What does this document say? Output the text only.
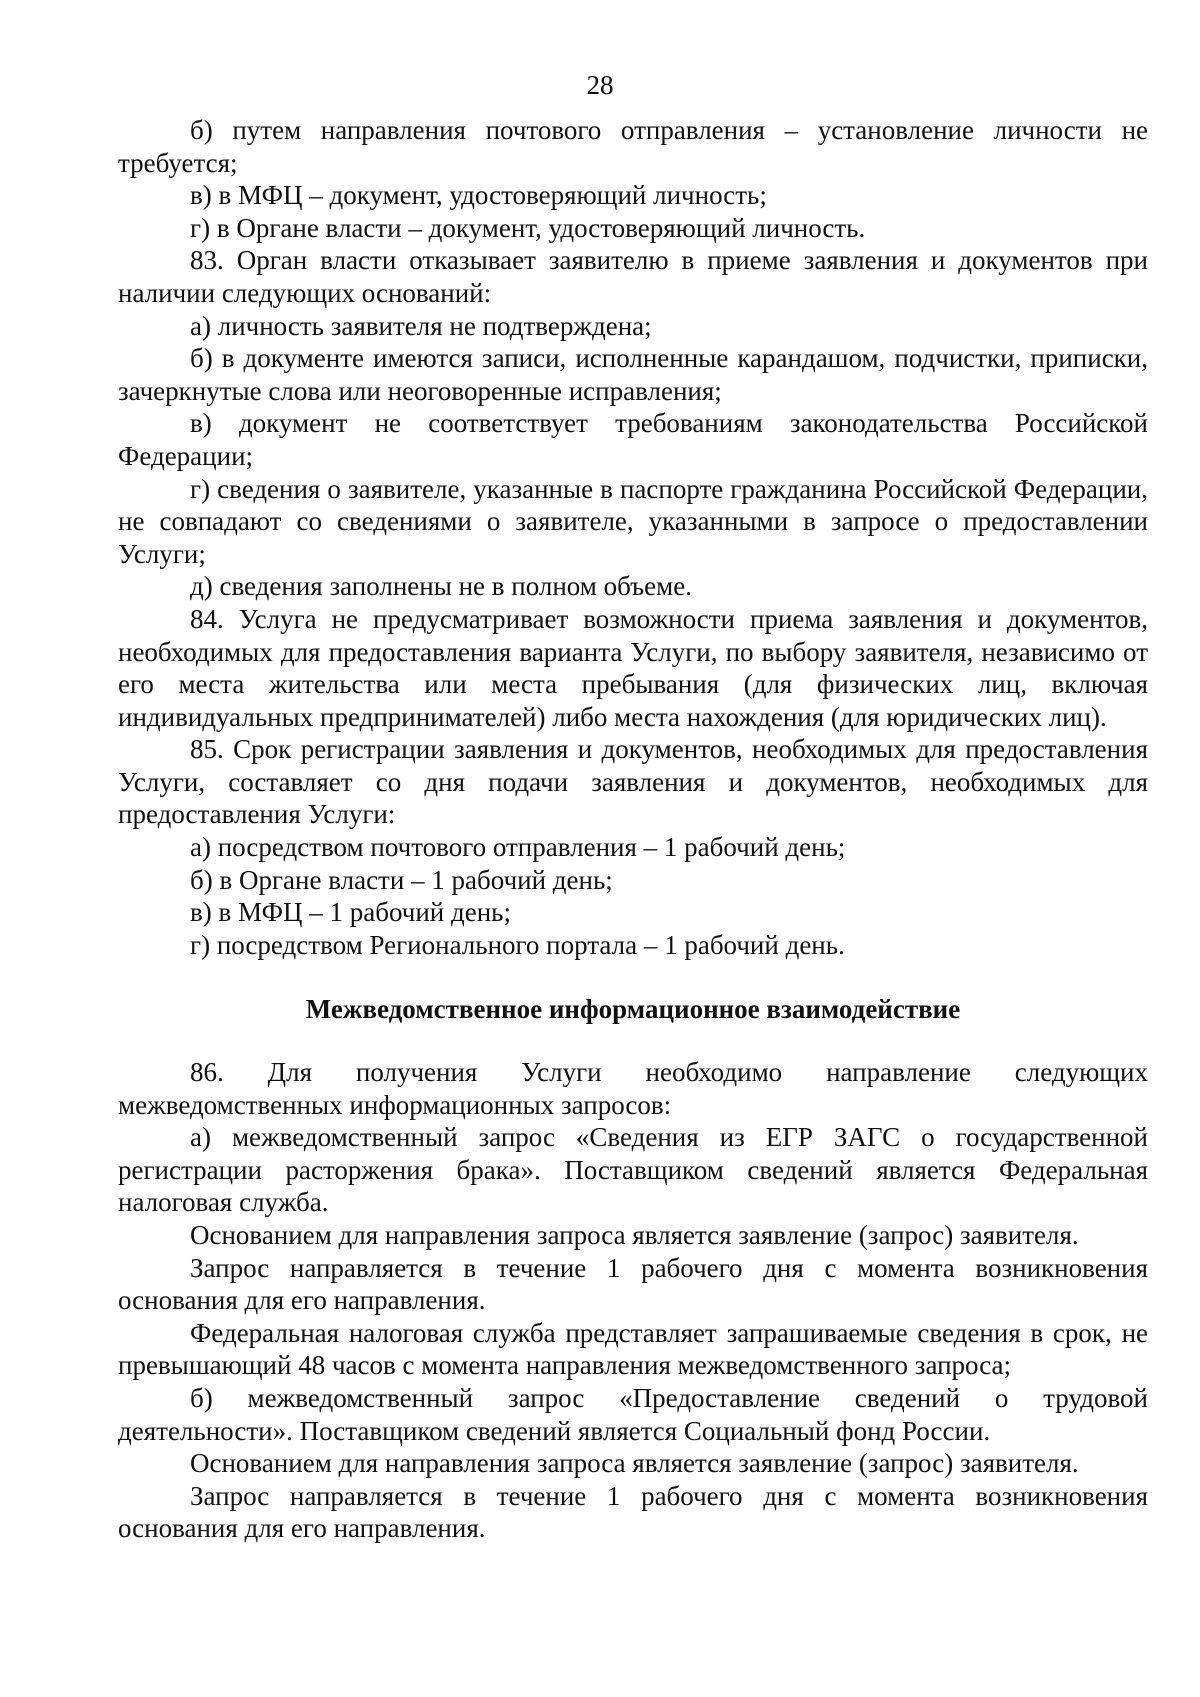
28

б) путем направления почтового отправления – установление личности не требуется;

в) в МФЦ – документ, удостоверяющий личность;

г) в Органе власти – документ, удостоверяющий личность.

83. Орган власти отказывает заявителю в приеме заявления и документов при наличии следующих оснований:

а) личность заявителя не подтверждена;

б) в документе имеются записи, исполненные карандашом, подчистки, приписки, зачеркнутые слова или неоговоренные исправления;

в) документ не соответствует требованиям законодательства Российской Федерации;

г) сведения о заявителе, указанные в паспорте гражданина Российской Федерации, не совпадают со сведениями о заявителе, указанными в запросе о предоставлении Услуги;

д) сведения заполнены не в полном объеме.

84. Услуга не предусматривает возможности приема заявления и документов, необходимых для предоставления варианта Услуги, по выбору заявителя, независимо от его места жительства или места пребывания (для физических лиц, включая индивидуальных предпринимателей) либо места нахождения (для юридических лиц).

85. Срок регистрации заявления и документов, необходимых для предоставления Услуги, составляет со дня подачи заявления и документов, необходимых для предоставления Услуги:

а) посредством почтового отправления – 1 рабочий день;

б) в Органе власти – 1 рабочий день;

в) в МФЦ – 1 рабочий день;

г) посредством Регионального портала – 1 рабочий день.

Межведомственное информационное взаимодействие

86. Для получения Услуги необходимо направление следующих межведомственных информационных запросов:

а) межведомственный запрос «Сведения из ЕГР ЗАГС о государственной регистрации расторжения брака». Поставщиком сведений является Федеральная налоговая служба.

Основанием для направления запроса является заявление (запрос) заявителя.

Запрос направляется в течение 1 рабочего дня с момента возникновения основания для его направления.

Федеральная налоговая служба представляет запрашиваемые сведения в срок, не превышающий 48 часов с момента направления межведомственного запроса;

б) межведомственный запрос «Предоставление сведений о трудовой деятельности». Поставщиком сведений является Социальный фонд России.

Основанием для направления запроса является заявление (запрос) заявителя.

Запрос направляется в течение 1 рабочего дня с момента возникновения основания для его направления.
